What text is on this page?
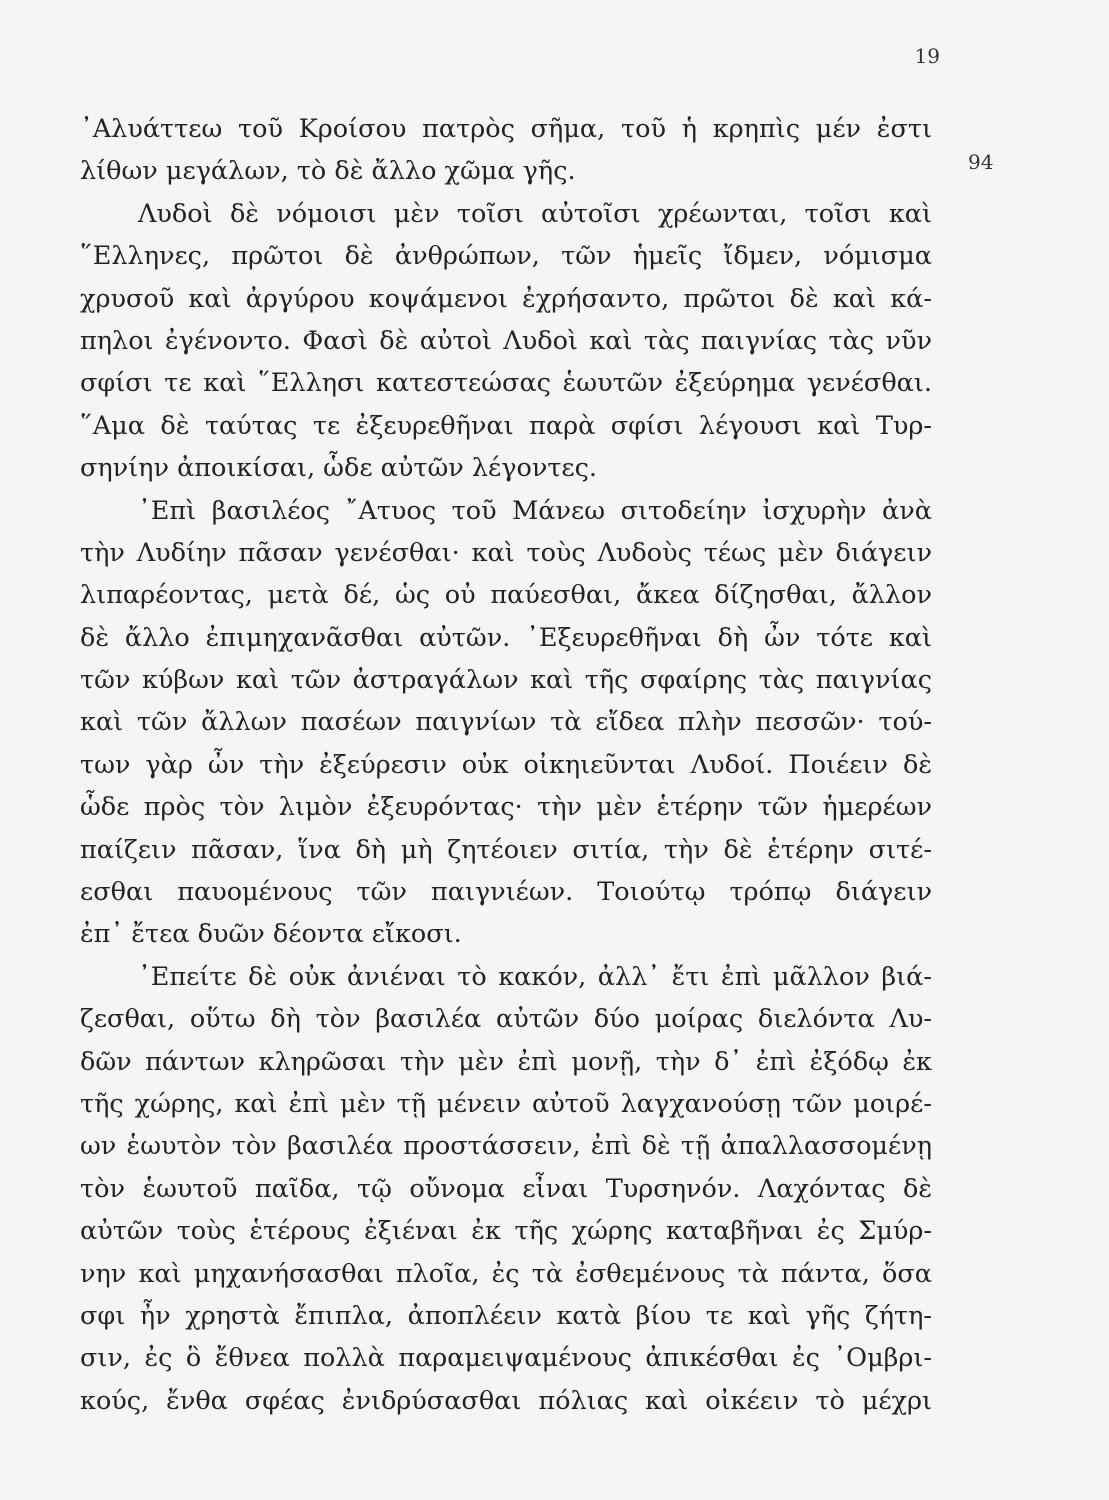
19
94
᾿Αλυάττεω τοῦ Κροίσου πατρὸς σῆμα, τοῦ ἡ κρηπὶς μέν ἐστι
λίθων μεγάλων, τὸ δὲ ἄλλο χῶμα γῆς.
Λυδοὶ δὲ νόμοισι μὲν τοῖσι αὐτοῖσι χρέωνται, τοῖσι καὶ
῞Ελληνες, πρῶτοι δὲ ἀνθρώπων, τῶν ἡμεῖς ἴδμεν, νόμισμα
χρυσοῦ καὶ ἀργύρου κοψάμενοι ἐχρήσαντο, πρῶτοι δὲ καὶ κά-
πηλοι ἐγένοντο. Φασὶ δὲ αὐτοὶ Λυδοὶ καὶ τὰς παιγνίας τὰς νῦν
σφίσι τε καὶ ῞Ελλησι κατεστεώσας ἑωυτῶν ἐξεύρημα γενέσθαι.
῞Αμα δὲ ταύτας τε ἐξευρεθῆναι παρὰ σφίσι λέγουσι καὶ Τυρ-
σηνίην ἀποικίσαι, ὧδε αὐτῶν λέγοντες.
᾿Επὶ βασιλέος ῎Ατυος τοῦ Μάνεω σιτοδείην ἰσχυρὴν ἀνὰ
τὴν Λυδίην πᾶσαν γενέσθαι· καὶ τοὺς Λυδοὺς τέως μὲν διάγειν
λιπαρέοντας, μετὰ δέ, ὡς οὐ παύεσθαι, ἄκεα δίζησθαι, ἄλλον
δὲ ἄλλο ἐπιμηχανᾶσθαι αὐτῶν. ᾿Εξευρεθῆναι δὴ ὦν τότε καὶ
τῶν κύβων καὶ τῶν ἀστραγάλων καὶ τῆς σφαίρης τὰς παιγνίας
καὶ τῶν ἄλλων πασέων παιγνίων τὰ εἴδεα πλὴν πεσσῶν· τού-
των γὰρ ὦν τὴν ἐξεύρεσιν οὐκ οἰκηιεῦνται Λυδοί. Ποιέειν δὲ
ὧδε πρὸς τὸν λιμὸν ἐξευρόντας· τὴν μὲν ἑτέρην τῶν ἡμερέων
παίζειν πᾶσαν, ἵνα δὴ μὴ ζητέοιεν σιτία, τὴν δὲ ἑτέρην σιτέ-
εσθαι παυομένους τῶν παιγνιέων. Τοιούτῳ τρόπῳ διάγειν
ἐπ᾿ ἔτεα δυῶν δέοντα εἴκοσι.
᾿Επείτε δὲ οὐκ ἀνιέναι τὸ κακόν, ἀλλ᾿ ἔτι ἐπὶ μᾶλλον βιά-
ζεσθαι, οὕτω δὴ τὸν βασιλέα αὐτῶν δύο μοίρας διελόντα Λυ-
δῶν πάντων κληρῶσαι τὴν μὲν ἐπὶ μονῇ, τὴν δ᾿ ἐπὶ ἐξόδῳ ἐκ
τῆς χώρης, καὶ ἐπὶ μὲν τῇ μένειν αὐτοῦ λαγχανούσῃ τῶν μοιρέ-
ων ἑωυτὸν τὸν βασιλέα προστάσσειν, ἐπὶ δὲ τῇ ἀπαλλασσομένῃ
τὸν ἑωυτοῦ παῖδα, τῷ οὔνομα εἶναι Τυρσηνόν. Λαχόντας δὲ
αὐτῶν τοὺς ἑτέρους ἐξιέναι ἐκ τῆς χώρης καταβῆναι ἐς Σμύρ-
νην καὶ μηχανήσασθαι πλοῖα, ἐς τὰ ἐσθεμένους τὰ πάντα, ὅσα
σφι ἦν χρηστὰ ἔπιπλα, ἀποπλέειν κατὰ βίου τε καὶ γῆς ζήτη-
σιν, ἐς ὃ ἔθνεα πολλὰ παραμειψαμένους ἀπικέσθαι ἐς ᾿Ομβρι-
κούς, ἔνθα σφέας ἐνιδρύσασθαι πόλιας καὶ οἰκέειν τὸ μέχρι
